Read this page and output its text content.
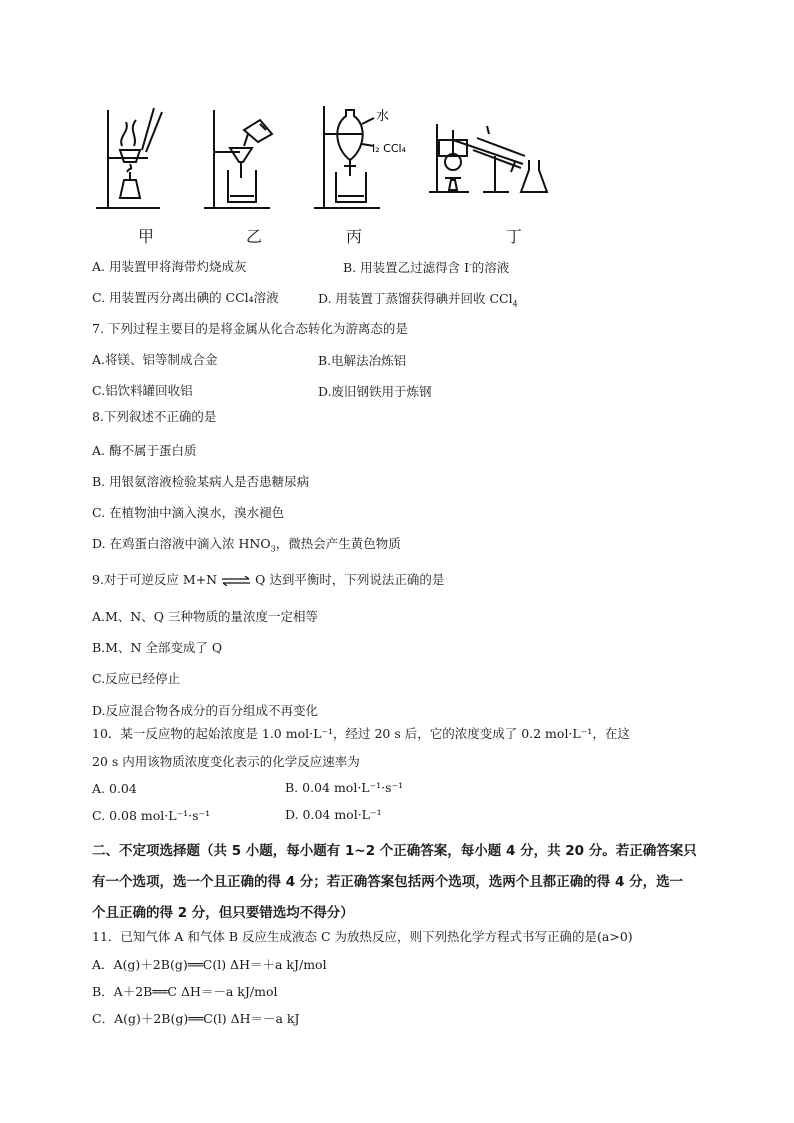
水
I₂ CCl₄
甲	乙	丙	丁
A. 用装置甲将海带灼烧成灰	B. 用装置乙过滤得含 I-的溶液
C. 用装置丙分离出碘的 CCl₄溶液	D. 用装置丁蒸馏获得碘并回收 CCl$_4$
7. 下列过程主要目的是将金属从化合态转化为游离态的是
A.将镁、铝等制成合金	B.电解法冶炼铝
C.铝饮料罐回收铝	D.废旧钢铁用于炼钢
8.下列叙述不正确的是
A. 酶不属于蛋白质
B. 用银氨溶液检验某病人是否患糖尿病
C. 在植物油中滴入溴水，溴水褪色
D. 在鸡蛋白溶液中滴入浓 $HNO_3$，微热会产生黄色物质
9.对于可逆反应 M+N ⇌ Q 达到平衡时，下列说法正确的是
A.M、N、Q 三种物质的量浓度一定相等
B.M、N 全部变成了 Q
C.反应已经停止
D.反应混合物各成分的百分组成不再变化
10．某一反应物的起始浓度是 1.0 mol·L⁻¹，经过 20 s 后，它的浓度变成了 0.2 mol·L⁻¹，在这
20 s 内用该物质浓度变化表示的化学反应速率为
A. 0.04	B. 0.04 mol·L⁻¹·s⁻¹
C. 0.08 mol·L⁻¹·s⁻¹	D. 0.04 mol·L⁻¹
二、不定项选择题（共 5 小题，每小题有 1~2 个正确答案，每小题 4 分，共 20 分。若正确答案只
有一个选项，选一个且正确的得 4 分；若正确答案包括两个选项，选两个且都正确的得 4 分，选一
个且正确的得 2 分，但只要错选均不得分）
11．已知气体 A 和气体 B 反应生成液态 C 为放热反应，则下列热化学方程式书写正确的是(a>0)
A．A(g)＋2B(g)══C(l) ΔH＝＋a kJ/mol
B．A＋2B══C ΔH＝－a kJ/mol
C．A(g)＋2B(g)══C(l) ΔH＝－a kJ
